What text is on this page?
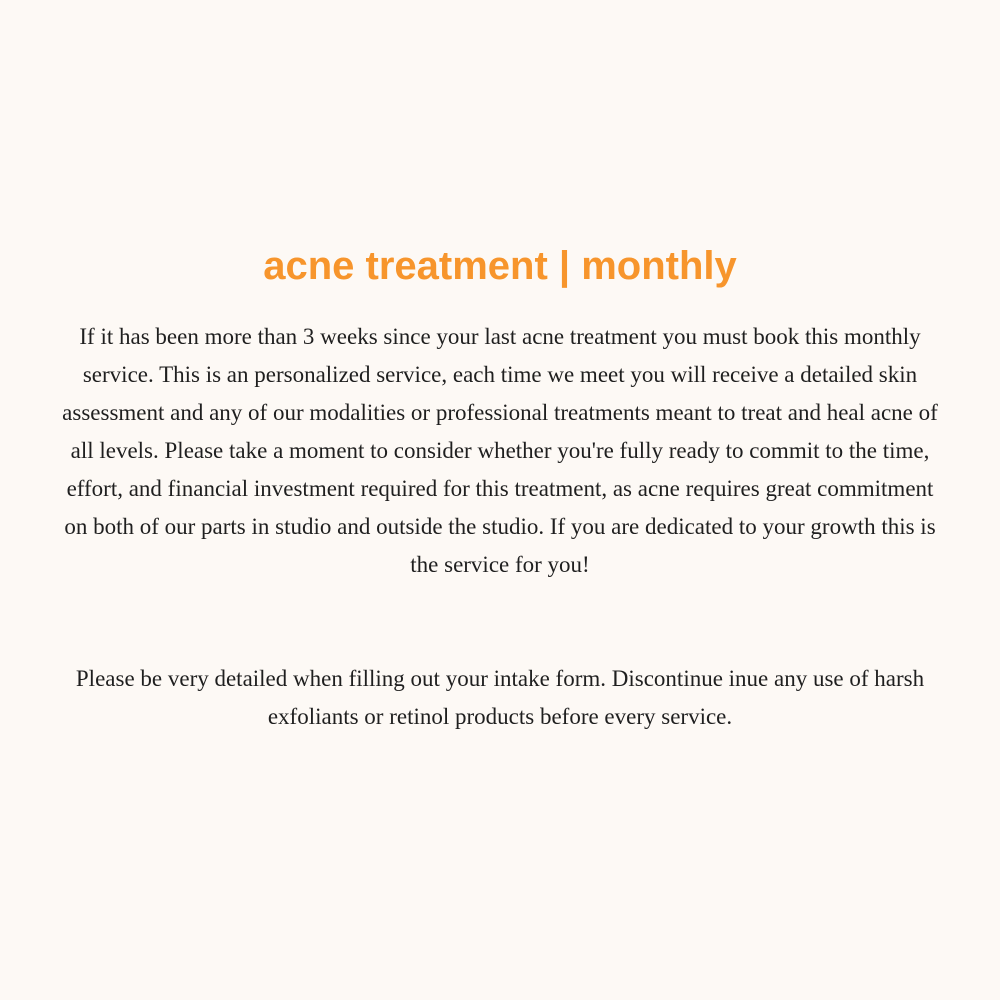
acne treatment | monthly

If it has been more than 3 weeks since your last acne treatment you must book this monthly service. This is an personalized service, each time we meet you will receive a detailed skin assessment and any of our modalities or professional treatments meant to treat and heal acne of all levels. Please take a moment to consider whether you're fully ready to commit to the time, effort, and financial investment required for this treatment, as acne requires great commitment on both of our parts in studio and outside the studio. If you are dedicated to your growth this is the service for you!

Please be very detailed when filling out your intake form. Discontinue inue any use of harsh exfoliants or retinol products before every service.
